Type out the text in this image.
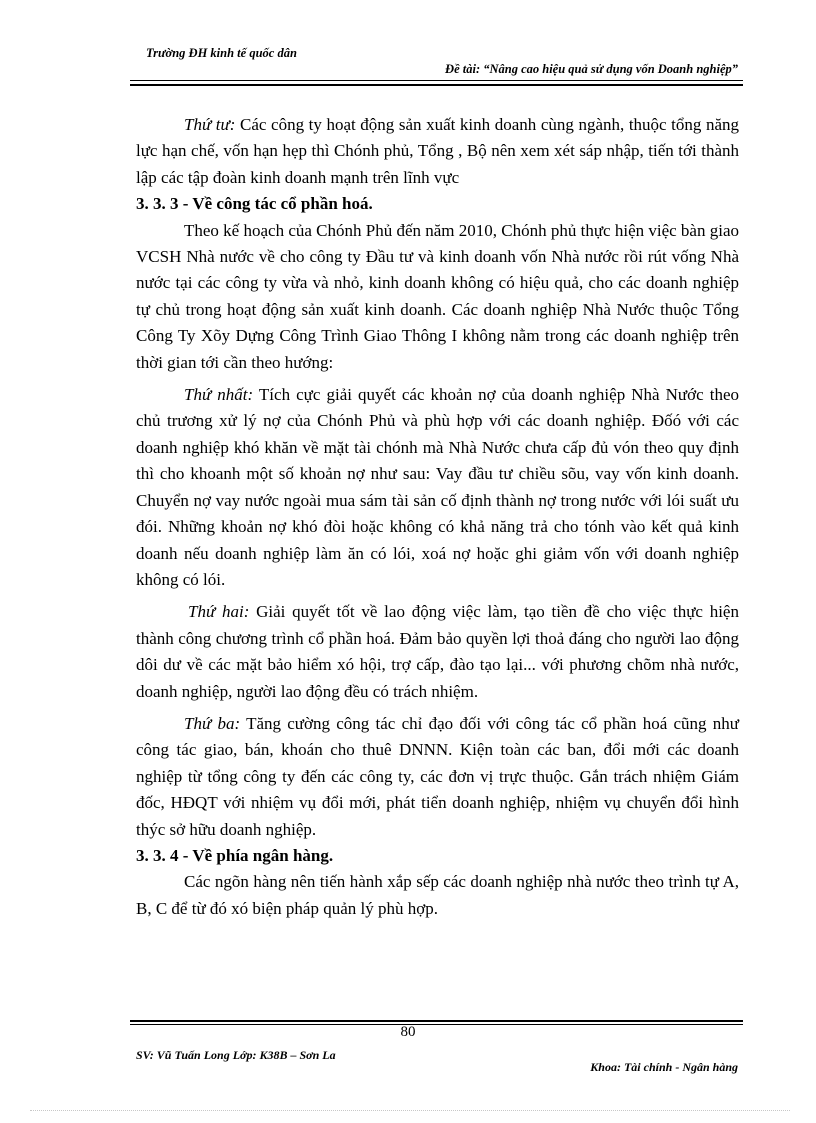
Trường ĐH kinh tế quốc dân
Đề tài: “Nâng cao hiệu quả sử dụng vốn Doanh nghiệp”

Thứ tư: Các công ty hoạt động sản xuất kinh doanh cùng ngành, thuộc tổng năng lực hạn chế, vốn hạn hẹp thì Chónh phủ, Tổng , Bộ nên xem xét sáp nhập, tiến tới thành lập các tập đoàn kinh doanh mạnh trên lĩnh vực

3. 3. 3 - Về công tác cổ phần hoá.

Theo kế hoạch của Chónh Phủ đến năm 2010, Chónh phủ thực hiện việc bàn giao VCSH Nhà nước về cho công ty Đầu tư và kinh doanh vốn Nhà nước rồi rút vống Nhà nước tại các công ty vừa và nhỏ, kinh doanh không có hiệu quả, cho các doanh nghiệp tự chủ trong hoạt động sản xuất kinh doanh. Các doanh nghiệp Nhà Nước thuộc Tổng Công Ty Xõy Dựng Công Trình Giao Thông I không nằm trong các doanh nghiệp trên thời gian tới cần theo hướng:

Thứ nhất: Tích cực giải quyết các khoản nợ của doanh nghiệp Nhà Nước theo chủ trương xử lý nợ của Chónh Phủ và phù hợp với các doanh nghiệp. Đốó với các doanh nghiệp khó khăn về mặt tài chónh mà Nhà Nước chưa cấp đủ vón theo quy định thì cho khoanh một số khoản nợ như sau: Vay đầu tư chiều sõu, vay vốn kinh doanh. Chuyển nợ vay nước ngoài mua sám tài sản cố định thành nợ trong nước với lói suất ưu đói. Những khoản nợ khó đòi hoặc không có khả năng trả cho tónh vào kết quả kinh doanh nếu doanh nghiệp làm ăn có lói, xoá nợ hoặc ghi giảm vốn với doanh nghiệp không có lói.

Thứ hai: Giải quyết tốt về lao động việc làm, tạo tiền đề cho việc thực hiện thành công chương trình cổ phần hoá. Đảm bảo quyền lợi thoả đáng cho người lao động dôi dư về các mặt bảo hiểm xó hội, trợ cấp, đào tạo lại... với phương chõm nhà nước, doanh nghiệp, người lao động đều có trách nhiệm.

Thứ ba: Tăng cường công tác chỉ đạo đối với công tác cổ phần hoá cũng như công tác giao, bán, khoán cho thuê DNNN. Kiện toàn các ban, đổi mới các doanh nghiệp từ tổng công ty đến các công ty, các đơn vị trực thuộc. Gắn trách nhiệm Giám đốc, HĐQT với nhiệm vụ đổi mới, phát tiển doanh nghiệp, nhiệm vụ chuyển đổi hình thýc sở hữu doanh nghiệp.

3. 3. 4 - Về phía ngân hàng.

Các ngõn hàng nên tiến hành xắp sếp các doanh nghiệp nhà nước theo trình tự A, B, C để từ đó xó biện pháp quản lý phù hợp.

80
SV: Vũ Tuấn Long Lớp: K38B – Sơn La
Khoa: Tài chính - Ngân hàng
